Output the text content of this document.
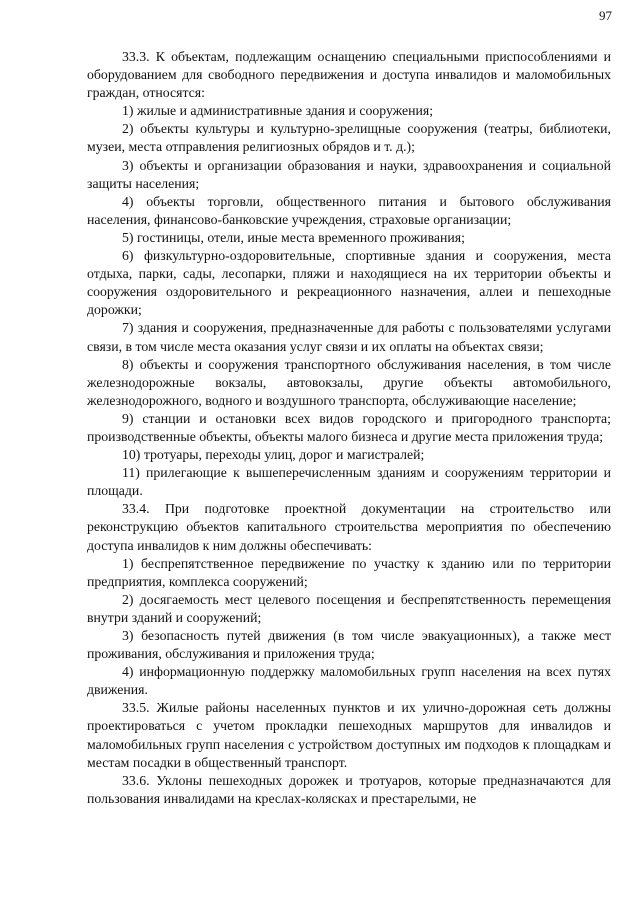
97

33.3. К объектам, подлежащим оснащению специальными приспособлениями и оборудованием для свободного передвижения и доступа инвалидов и маломобильных граждан, относятся:

1) жилые и административные здания и сооружения;

2) объекты культуры и культурно-зрелищные сооружения (театры, библиотеки, музеи, места отправления религиозных обрядов и т. д.);

3) объекты и организации образования и науки, здравоохранения и социальной защиты населения;

4) объекты торговли, общественного питания и бытового обслуживания населения, финансово-банковские учреждения, страховые организации;

5) гостиницы, отели, иные места временного проживания;

6) физкультурно-оздоровительные, спортивные здания и сооружения, места отдыха, парки, сады, лесопарки, пляжи и находящиеся на их территории объекты и сооружения оздоровительного и рекреационного назначения, аллеи и пешеходные дорожки;

7) здания и сооружения, предназначенные для работы с пользователями услугами связи, в том числе места оказания услуг связи и их оплаты на объектах связи;

8) объекты и сооружения транспортного обслуживания населения, в том числе железнодорожные вокзалы, автовокзалы, другие объекты автомобильного, железнодорожного, водного и воздушного транспорта, обслуживающие население;

9) станции и остановки всех видов городского и пригородного транспорта; производственные объекты, объекты малого бизнеса и другие места приложения труда;

10) тротуары, переходы улиц, дорог и магистралей;

11) прилегающие к вышеперечисленным зданиям и сооружениям территории и площади.

33.4. При подготовке проектной документации на строительство или реконструкцию объектов капитального строительства мероприятия по обеспечению доступа инвалидов к ним должны обеспечивать:

1) беспрепятственное передвижение по участку к зданию или по территории предприятия, комплекса сооружений;

2) досягаемость мест целевого посещения и беспрепятственность перемещения внутри зданий и сооружений;

3) безопасность путей движения (в том числе эвакуационных), а также мест проживания, обслуживания и приложения труда;

4) информационную поддержку маломобильных групп населения на всех путях движения.

33.5. Жилые районы населенных пунктов и их улично-дорожная сеть должны проектироваться с учетом прокладки пешеходных маршрутов для инвалидов и маломобильных групп населения с устройством доступных им подходов к площадкам и местам посадки в общественный транспорт.

33.6. Уклоны пешеходных дорожек и тротуаров, которые предназначаются для пользования инвалидами на креслах-колясках и престарелыми, не
